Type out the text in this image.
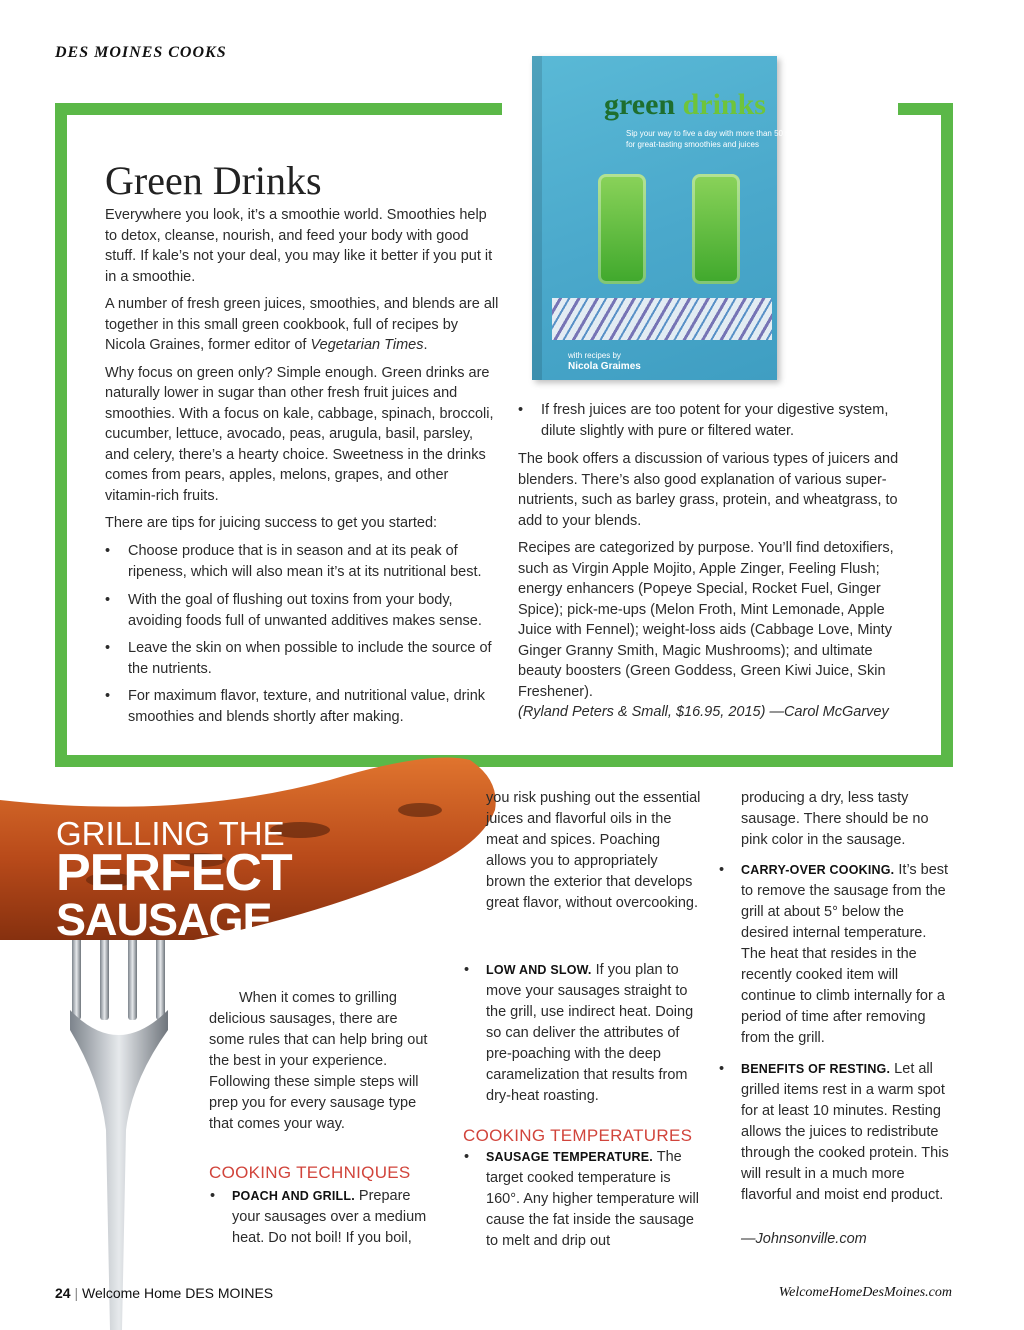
DES MOINES COOKS
green drinks
Sip your way to five a day with more than 50 recipes for great-tasting smoothies and juices
with recipes by
Nicola Graimes
Green Drinks

Everywhere you look, it’s a smoothie world. Smoothies help to detox, cleanse, nourish, and feed your body with good stuff. If kale’s not your deal, you may like it better if you put it in a smoothie.

A number of fresh green juices, smoothies, and blends are all together in this small green cookbook, full of recipes by Nicola Graines, former editor of Vegetarian Times.

Why focus on green only? Simple enough. Green drinks are naturally lower in sugar than other fresh fruit juices and smoothies. With a focus on kale, cabbage, spinach, broccoli, cucumber, lettuce, avocado, peas, arugula, basil, parsley, and celery, there’s a hearty choice. Sweetness in the drinks comes from pears, apples, melons, grapes, and other vitamin-rich fruits.

There are tips for juicing success to get you started:

• Choose produce that is in season and at its peak of ripeness, which will also mean it’s at its nutritional best.
• With the goal of flushing out toxins from your body, avoiding foods full of unwanted additives makes sense.
• Leave the skin on when possible to include the source of the nutrients.
• For maximum flavor, texture, and nutritional value, drink smoothies and blends shortly after making.
• If fresh juices are too potent for your digestive system, dilute slightly with pure or filtered water.

The book offers a discussion of various types of juicers and blenders. There’s also good explanation of various super-nutrients, such as barley grass, protein, and wheatgrass, to add to your blends.

Recipes are categorized by purpose. You’ll find detoxifiers, such as Virgin Apple Mojito, Apple Zinger, Feeling Flush; energy enhancers (Popeye Special, Rocket Fuel, Ginger Spice); pick-me-ups (Melon Froth, Mint Lemonade, Apple Juice with Fennel); weight-loss aids (Cabbage Love, Minty Ginger Granny Smith, Magic Mushrooms); and ultimate beauty boosters (Green Goddess, Green Kiwi Juice, Skin Freshener).

(Ryland Peters & Small, $16.95, 2015) —Carol McGarvey

GRILLING THE
PERFECT
SAUSAGE
When it comes to grilling delicious sausages, there are some rules that can help bring out the best in your experience. Following these simple steps will prep you for every sausage type that comes your way.
COOKING TECHNIQUES
• POACH AND GRILL. Prepare your sausages over a medium heat. Do not boil! If you boil,
you risk pushing out the essential juices and flavorful oils in the meat and spices. Poaching allows you to appropriately brown the exterior that develops great flavor, without overcooking.
• LOW AND SLOW. If you plan to move your sausages straight to the grill, use indirect heat. Doing so can deliver the attributes of pre-poaching with the deep caramelization that results from dry-heat roasting.
COOKING TEMPERATURES
• SAUSAGE TEMPERATURE. The target cooked temperature is 160°. Any higher temperature will cause the fat inside the sausage to melt and drip out
producing a dry, less tasty sausage. There should be no pink color in the sausage.
• CARRY-OVER COOKING. It’s best to remove the sausage from the grill at about 5° below the desired internal temperature. The heat that resides in the recently cooked item will continue to climb internally for a period of time after removing from the grill.
• BENEFITS OF RESTING. Let all grilled items rest in a warm spot for at least 10 minutes. Resting allows the juices to redistribute through the cooked protein. This will result in a much more flavorful and moist end product.
—Johnsonville.com
24 | Welcome Home DES MOINES	WelcomeHomeDesMoines.com
